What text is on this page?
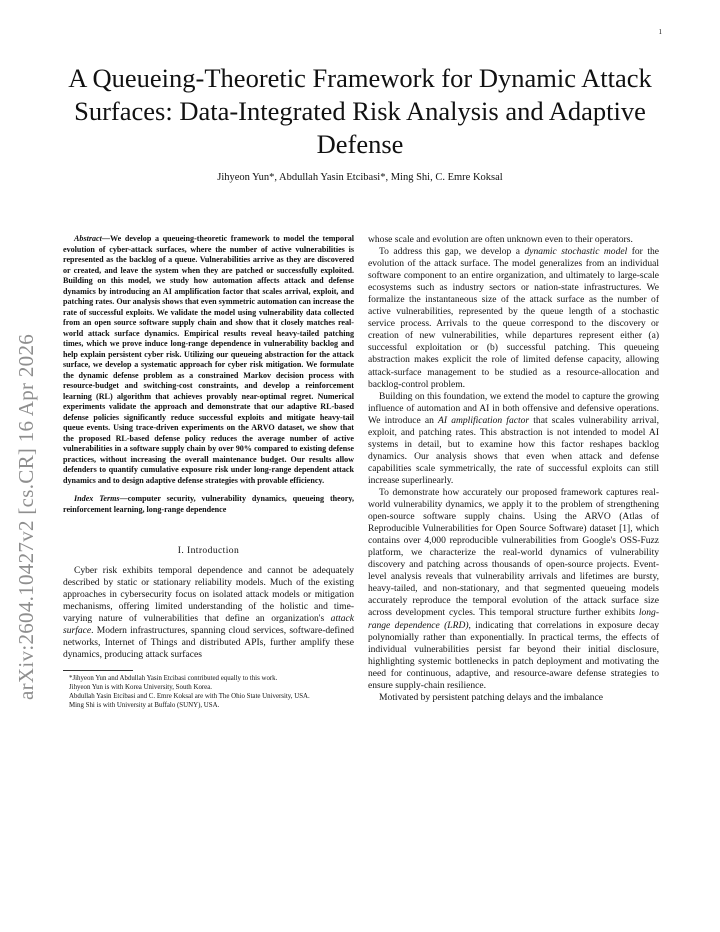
1
arXiv:2604.10427v2 [cs.CR] 16 Apr 2026
A Queueing-Theoretic Framework for Dynamic Attack Surfaces: Data-Integrated Risk Analysis and Adaptive Defense
Jihyeon Yun*, Abdullah Yasin Etcibasi*, Ming Shi, C. Emre Koksal

Abstract—We develop a queueing-theoretic framework to model the temporal evolution of cyber-attack surfaces, where the number of active vulnerabilities is represented as the backlog of a queue. Vulnerabilities arrive as they are discovered or created, and leave the system when they are patched or successfully exploited. Building on this model, we study how automation affects attack and defense dynamics by introducing an AI amplification factor that scales arrival, exploit, and patching rates. Our analysis shows that even symmetric automation can increase the rate of successful exploits. We validate the model using vulnerability data collected from an open source software supply chain and show that it closely matches real-world attack surface dynamics. Empirical results reveal heavy-tailed patching times, which we prove induce long-range dependence in vulnerability backlog and help explain persistent cyber risk. Utilizing our queueing abstraction for the attack surface, we develop a systematic approach for cyber risk mitigation. We formulate the dynamic defense problem as a constrained Markov decision process with resource-budget and switching-cost constraints, and develop a reinforcement learning (RL) algorithm that achieves provably near-optimal regret. Numerical experiments validate the approach and demonstrate that our adaptive RL-based defense policies significantly reduce successful exploits and mitigate heavy-tail queue events. Using trace-driven experiments on the ARVO dataset, we show that the proposed RL-based defense policy reduces the average number of active vulnerabilities in a software supply chain by over 90% compared to existing defense practices, without increasing the overall maintenance budget. Our results allow defenders to quantify cumulative exposure risk under long-range dependent attack dynamics and to design adaptive defense strategies with provable efficiency.

Index Terms—computer security, vulnerability dynamics, queueing theory, reinforcement learning, long-range dependence

I. Introduction

Cyber risk exhibits temporal dependence and cannot be adequately described by static or stationary reliability models. Much of the existing approaches in cybersecurity focus on isolated attack models or mitigation mechanisms, offering limited understanding of the holistic and time-varying nature of vulnerabilities that define an organization's attack surface. Modern infrastructures, spanning cloud services, software-defined networks, Internet of Things and distributed APIs, further amplify these dynamics, producing attack surfaces

*Jihyeon Yun and Abdullah Yasin Etcibasi contributed equally to this work.

Jihyeon Yun is with Korea University, South Korea.

Abdullah Yasin Etcibasi and C. Emre Koksal are with The Ohio State University, USA.

Ming Shi is with University at Buffalo (SUNY), USA.

whose scale and evolution are often unknown even to their operators.

To address this gap, we develop a dynamic stochastic model for the evolution of the attack surface. The model generalizes from an individual software component to an entire organization, and ultimately to large-scale ecosystems such as industry sectors or nation-state infrastructures. We formalize the instantaneous size of the attack surface as the number of active vulnerabilities, represented by the queue length of a stochastic service process. Arrivals to the queue correspond to the discovery or creation of new vulnerabilities, while departures represent either (a) successful exploitation or (b) successful patching. This queueing abstraction makes explicit the role of limited defense capacity, allowing attack-surface management to be studied as a resource-allocation and backlog-control problem.

Building on this foundation, we extend the model to capture the growing influence of automation and AI in both offensive and defensive operations. We introduce an AI amplification factor that scales vulnerability arrival, exploit, and patching rates. This abstraction is not intended to model AI systems in detail, but to examine how this factor reshapes backlog dynamics. Our analysis shows that even when attack and defense capabilities scale symmetrically, the rate of successful exploits can still increase superlinearly.

To demonstrate how accurately our proposed framework captures real-world vulnerability dynamics, we apply it to the problem of strengthening open-source software supply chains. Using the ARVO (Atlas of Reproducible Vulnerabilities for Open Source Software) dataset [1], which contains over 4,000 reproducible vulnerabilities from Google's OSS-Fuzz platform, we characterize the real-world dynamics of vulnerability discovery and patching across thousands of open-source projects. Event-level analysis reveals that vulnerability arrivals and lifetimes are bursty, heavy-tailed, and non-stationary, and that segmented queueing models accurately reproduce the temporal evolution of the attack surface size across development cycles. This temporal structure further exhibits long-range dependence (LRD), indicating that correlations in exposure decay polynomially rather than exponentially. In practical terms, the effects of individual vulnerabilities persist far beyond their initial disclosure, highlighting systemic bottlenecks in patch deployment and motivating the need for continuous, adaptive, and resource-aware defense strategies to ensure supply-chain resilience.

Motivated by persistent patching delays and the imbalance
